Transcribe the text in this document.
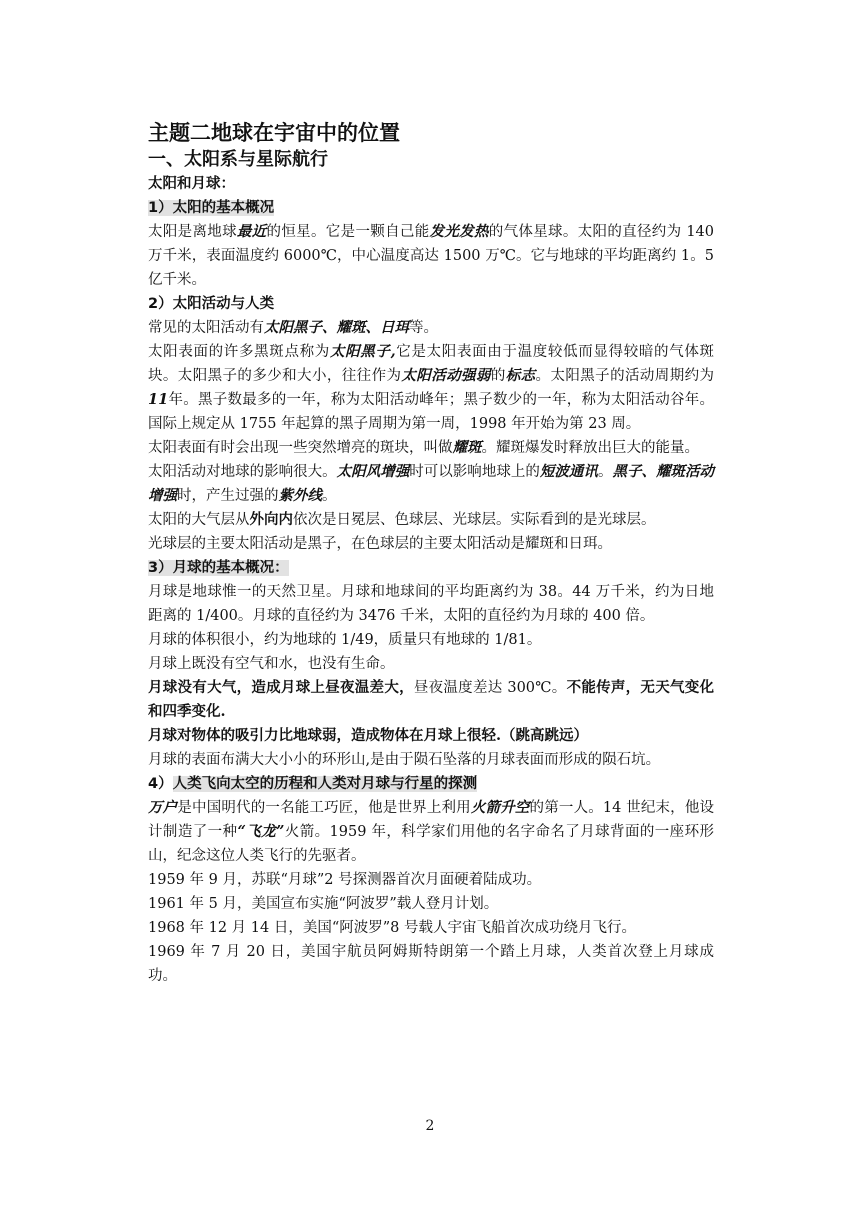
主题二地球在宇宙中的位置
一、太阳系与星际航行
太阳和月球：
1）太阳的基本概况

太阳是离地球最近的恒星。它是一颗自己能发光发热的气体星球。太阳的直径约为 140 万千米，表面温度约 6000℃，中心温度高达 1500 万℃。它与地球的平均距离约 1。5 亿千米。

2）太阳活动与人类

常见的太阳活动有太阳黑子、耀斑、日珥等。

太阳表面的许多黑斑点称为太阳黑子,它是太阳表面由于温度较低而显得较暗的气体斑块。太阳黑子的多少和大小，往往作为太阳活动强弱的标志。太阳黑子的活动周期约为11年。黑子数最多的一年，称为太阳活动峰年；黑子数少的一年，称为太阳活动谷年。国际上规定从 1755 年起算的黑子周期为第一周，1998 年开始为第 23 周。

太阳表面有时会出现一些突然增亮的斑块，叫做耀斑。耀斑爆发时释放出巨大的能量。

太阳活动对地球的影响很大。太阳风增强时可以影响地球上的短波通讯。黑子、耀斑活动增强时，产生过强的紫外线。

太阳的大气层从外向内依次是日冕层、色球层、光球层。实际看到的是光球层。

光球层的主要太阳活动是黑子，在色球层的主要太阳活动是耀斑和日珥。

3）月球的基本概况：

月球是地球惟一的天然卫星。月球和地球间的平均距离约为 38。44 万千米，约为日地距离的 1/400。月球的直径约为 3476 千米，太阳的直径约为月球的 400 倍。

月球的体积很小，约为地球的 1/49，质量只有地球的 1/81。

月球上既没有空气和水，也没有生命。

月球没有大气，造成月球上昼夜温差大，昼夜温度差达 300℃。不能传声，无天气变化和四季变化.

月球对物体的吸引力比地球弱，造成物体在月球上很轻.（跳高跳远）

月球的表面布满大大小小的环形山,是由于陨石坠落的月球表面而形成的陨石坑。

4）人类飞向太空的历程和人类对月球与行星的探测

万户是中国明代的一名能工巧匠，他是世界上利用火箭升空的第一人。14 世纪末，他设计制造了一种“飞龙”火箭。1959 年，科学家们用他的名字命名了月球背面的一座环形山，纪念这位人类飞行的先驱者。

1959 年 9 月，苏联“月球”2 号探测器首次月面硬着陆成功。

1961 年 5 月，美国宣布实施“阿波罗”载人登月计划。

1968 年 12 月 14 日，美国“阿波罗”8 号载人宇宙飞船首次成功绕月飞行。

1969 年 7 月 20 日，美国宇航员阿姆斯特朗第一个踏上月球，人类首次登上月球成功。

2
